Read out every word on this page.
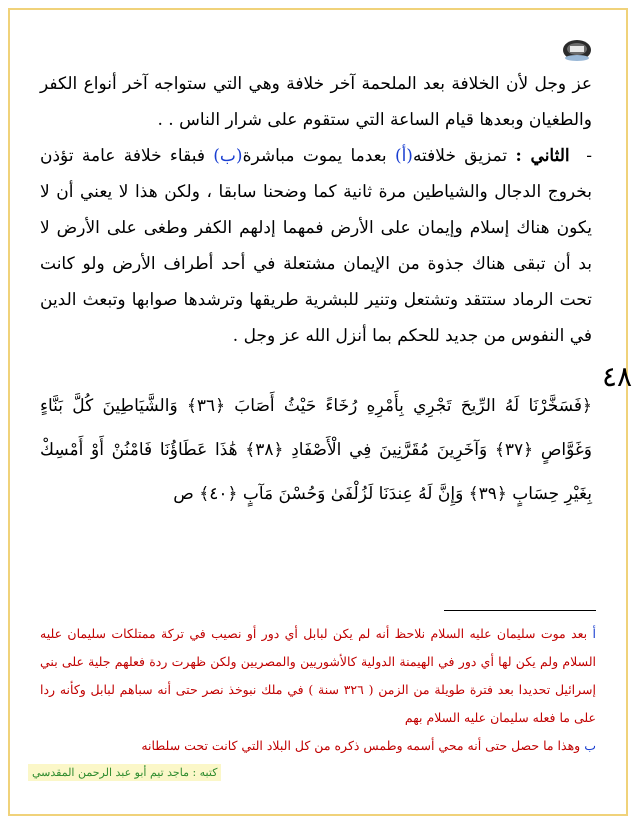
عز وجل لأن الخلافة بعد الملحمة آخر خلافة وهي التي ستواجه آخر أنواع الكفر والطغيان وبعدها قيام الساعة التي ستقوم على شرار الناس . .

-  الثاني : تمزيق خلافته(أ) بعدما يموت مباشرة(ب) فبقاء خلافة عامة تؤذن بخروج الدجال والشياطين مرة ثانية كما وضحنا سابقا ، ولكن هذا لا يعني أن لا يكون هناك إسلام وإيمان على الأرض فمهما إدلهم الكفر وطغى على الأرض لا بد أن تبقى هناك جذوة من الإيمان مشتعلة في أحد أطراف الأرض ولو كانت تحت الرماد ستتقد وتشتعل وتنير للبشرية طريقها وترشدها صوابها وتبعث الدين في النفوس من جديد للحكم بما أنزل الله عز وجل .

٤٨
﴿فَسَخَّرْنَا لَهُ الرِّيحَ تَجْرِي بِأَمْرِهِ رُخَاءً حَيْثُ أَصَابَ ﴿٣٦﴾ وَالشَّيَاطِينَ كُلَّ بَنَّاءٍ وَغَوَّاصٍ ﴿٣٧﴾ وَآخَرِينَ مُقَرَّنِينَ فِي الْأَصْفَادِ ﴿٣٨﴾ هَٰذَا عَطَاؤُنَا فَامْنُنْ أَوْ أَمْسِكْ بِغَيْرِ حِسَابٍ ﴿٣٩﴾ وَإِنَّ لَهُ عِندَنَا لَزُلْفَىٰ وَحُسْنَ مَآبٍ ﴿٤٠﴾ ص

أ بعد موت سليمان عليه السلام نلاحظ أنه لم يكن لبابل أي دور أو نصيب في تركة ممتلكات سليمان عليه السلام ولم يكن لها أي دور في الهيمنة الدولية كالأشوريين والمصريين ولكن ظهرت ردة فعلهم جلية على بني إسرائيل تحديدا بعد فترة طويلة من الزمن ( ٣٢٦ سنة ) في ملك نبوخذ نصر حتى أنه سباهم لبابل وكأنه ردا على ما فعله سليمان عليه السلام بهم

ب وهذا ما حصل حتى أنه محي أسمه وطمس ذكره من كل البلاد التي كانت تحت سلطانه

كتبه : ماجد تيم أبو عبد الرحمن المقدسي
